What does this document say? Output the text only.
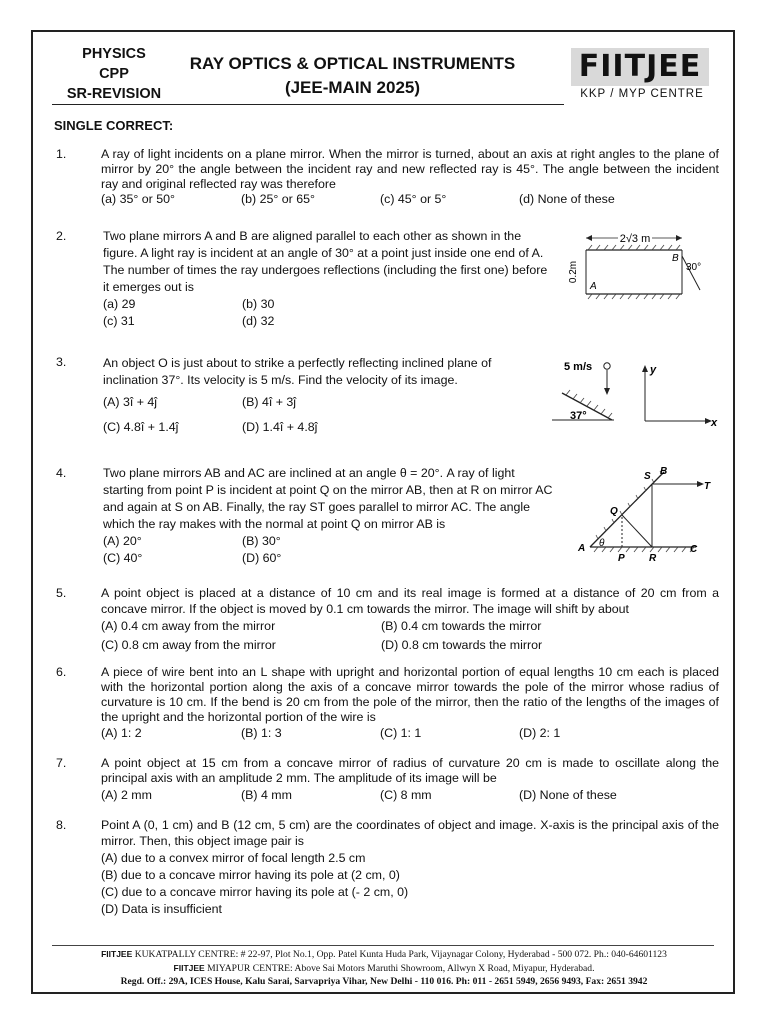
PHYSICS
CPP
SR-REVISION
RAY OPTICS & OPTICAL INSTRUMENTS
(JEE-MAIN 2025)
FIITJEE
KKP / MYP CENTRE
SINGLE CORRECT:
1.	A ray of light incidents on a plane mirror. When the mirror is turned, about an axis at right angles to the plane of mirror by 20° the angle between the incident ray and new reflected ray is 45°. The angle between the incident ray and original reflected ray was therefore
(a) 35° or 50°	(b) 25° or 65°	(c) 45° or 5°	(d) None of these
2.	Two plane mirrors A and B are aligned parallel to each other as shown in the figure. A light ray is incident at an angle of 30° at a point just inside one end of A. The number of times the ray undergoes reflections (including the first one) before it emerges out is
(a) 29	(b) 30
(c) 31	(d) 32
2√3 m
0.2m	30°
B
A
3.	An object O is just about to strike a perfectly reflecting inclined plane of inclination 37°. Its velocity is 5 m/s. Find the velocity of its image.
(A) 3î + 4ĵ	(B) 4î + 3ĵ
(C) 4.8î + 1.4ĵ	(D) 1.4î + 4.8ĵ
5 m/s
37°
y
x
4.	Two plane mirrors AB and AC are inclined at an angle θ = 20°. A ray of light starting from point P is incident at point Q on the mirror AB, then at R on mirror AC and again at S on AB. Finally, the ray ST goes parallel to mirror AC. The angle which the ray makes with the normal at point Q on mirror AB is
(A) 20°	(B) 30°
(C) 40°	(D) 60°
S B
T
Q
A θ
P R
C
5.	A point object is placed at a distance of 10 cm and its real image is formed at a distance of 20 cm from a concave mirror. If the object is moved by 0.1 cm towards the mirror. The image will shift by about
(A) 0.4 cm away from the mirror	(B) 0.4 cm towards the mirror
(C) 0.8 cm away from the mirror	(D) 0.8 cm towards the mirror
6.	A piece of wire bent into an L shape with upright and horizontal portion of equal lengths 10 cm each is placed with the horizontal portion along the axis of a concave mirror towards the pole of the mirror whose radius of curvature is 10 cm. If the bend is 20 cm from the pole of the mirror, then the ratio of the lengths of the images of the upright and the horizontal portion of the wire is
(A) 1: 2	(B) 1: 3	(C) 1: 1	(D) 2: 1
7.	A point object at 15 cm from a concave mirror of radius of curvature 20 cm is made to oscillate along the principal axis with an amplitude 2 mm. The amplitude of its image will be
(A) 2 mm	(B) 4 mm	(C) 8 mm	(D) None of these
8.	Point A (0, 1 cm) and B (12 cm, 5 cm) are the coordinates of object and image. X-axis is the principal axis of the mirror. Then, this object image pair is
(A) due to a convex mirror of focal length 2.5 cm
(B) due to a concave mirror having its pole at (2 cm, 0)
(C) due to a concave mirror having its pole at (- 2 cm, 0)
(D) Data is insufficient
FIITJEE KUKATPALLY CENTRE: # 22-97, Plot No.1, Opp. Patel Kunta Huda Park, Vijaynagar Colony, Hyderabad - 500 072. Ph.: 040-64601123
FIITJEE MIYAPUR CENTRE: Above Sai Motors Maruthi Showroom, Allwyn X Road, Miyapur, Hyderabad.
Regd. Off.: 29A, ICES House, Kalu Sarai, Sarvapriya Vihar, New Delhi - 110 016. Ph: 011 - 2651 5949, 2656 9493, Fax: 2651 3942
